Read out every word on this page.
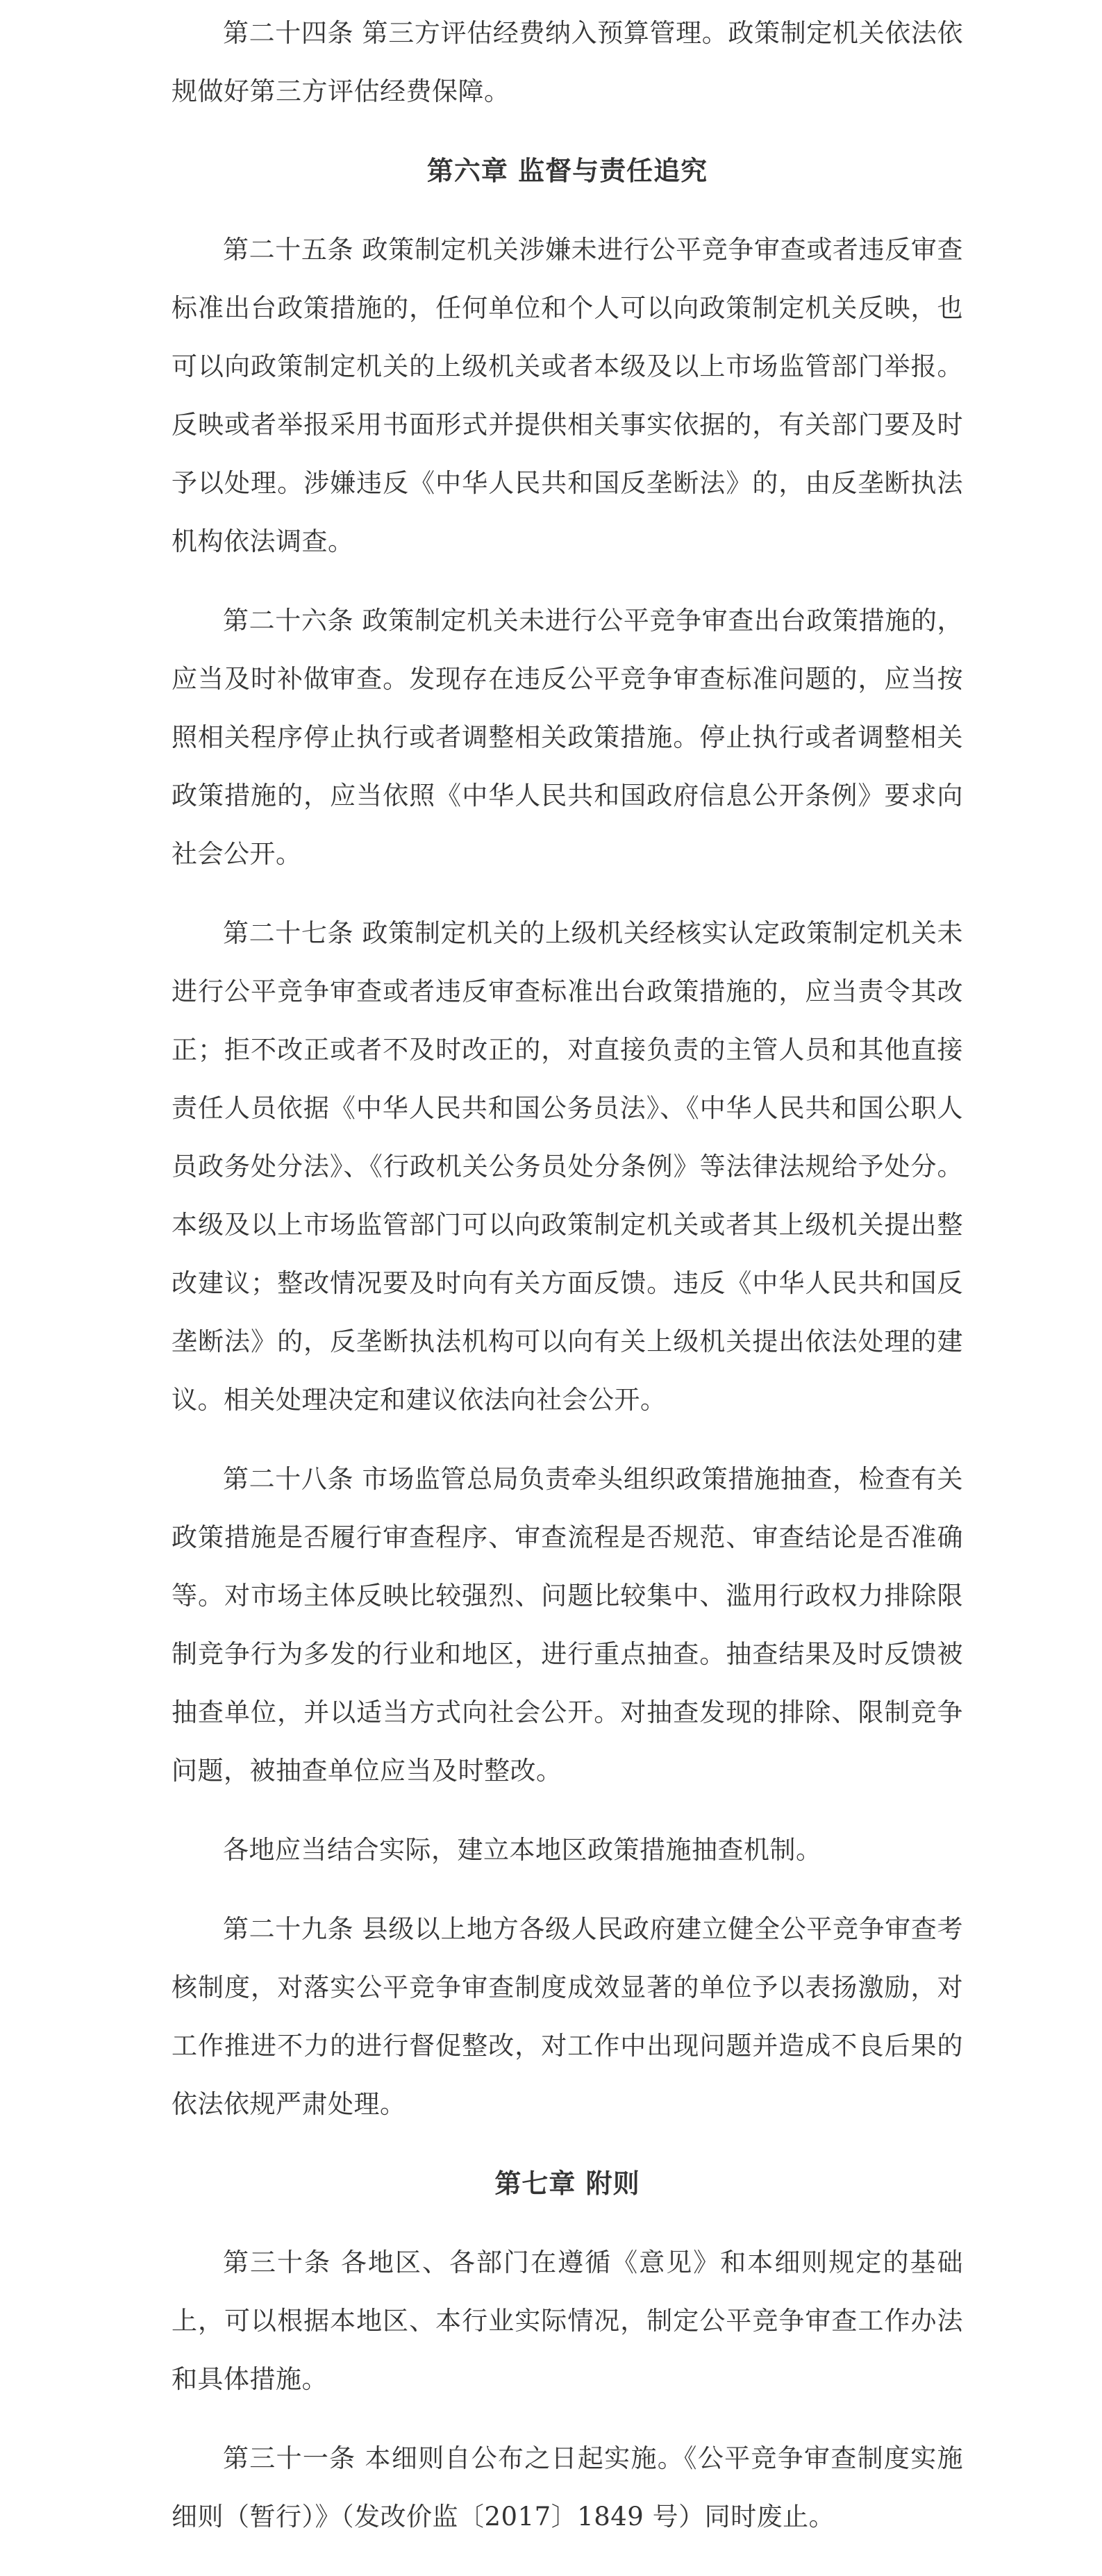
第二十四条 第三方评估经费纳入预算管理。政策制定机关依法依规做好第三方评估经费保障。

第六章 监督与责任追究

第二十五条 政策制定机关涉嫌未进行公平竞争审查或者违反审查标准出台政策措施的，任何单位和个人可以向政策制定机关反映，也可以向政策制定机关的上级机关或者本级及以上市场监管部门举报。反映或者举报采用书面形式并提供相关事实依据的，有关部门要及时予以处理。涉嫌违反《中华人民共和国反垄断法》的，由反垄断执法机构依法调查。

第二十六条 政策制定机关未进行公平竞争审查出台政策措施的，应当及时补做审查。发现存在违反公平竞争审查标准问题的，应当按照相关程序停止执行或者调整相关政策措施。停止执行或者调整相关政策措施的，应当依照《中华人民共和国政府信息公开条例》要求向社会公开。

第二十七条 政策制定机关的上级机关经核实认定政策制定机关未进行公平竞争审查或者违反审查标准出台政策措施的，应当责令其改正；拒不改正或者不及时改正的，对直接负责的主管人员和其他直接责任人员依据《中华人民共和国公务员法》、《中华人民共和国公职人员政务处分法》、《行政机关公务员处分条例》等法律法规给予处分。本级及以上市场监管部门可以向政策制定机关或者其上级机关提出整改建议；整改情况要及时向有关方面反馈。违反《中华人民共和国反垄断法》的，反垄断执法机构可以向有关上级机关提出依法处理的建议。相关处理决定和建议依法向社会公开。

第二十八条 市场监管总局负责牵头组织政策措施抽查，检查有关政策措施是否履行审查程序、审查流程是否规范、审查结论是否准确等。对市场主体反映比较强烈、问题比较集中、滥用行政权力排除限制竞争行为多发的行业和地区，进行重点抽查。抽查结果及时反馈被抽查单位，并以适当方式向社会公开。对抽查发现的排除、限制竞争问题，被抽查单位应当及时整改。

各地应当结合实际，建立本地区政策措施抽查机制。

第二十九条 县级以上地方各级人民政府建立健全公平竞争审查考核制度，对落实公平竞争审查制度成效显著的单位予以表扬激励，对工作推进不力的进行督促整改，对工作中出现问题并造成不良后果的依法依规严肃处理。

第七章 附则

第三十条 各地区、各部门在遵循《意见》和本细则规定的基础上，可以根据本地区、本行业实际情况，制定公平竞争审查工作办法和具体措施。

第三十一条 本细则自公布之日起实施。《公平竞争审查制度实施细则（暂行）》（发改价监〔2017〕1849 号）同时废止。
